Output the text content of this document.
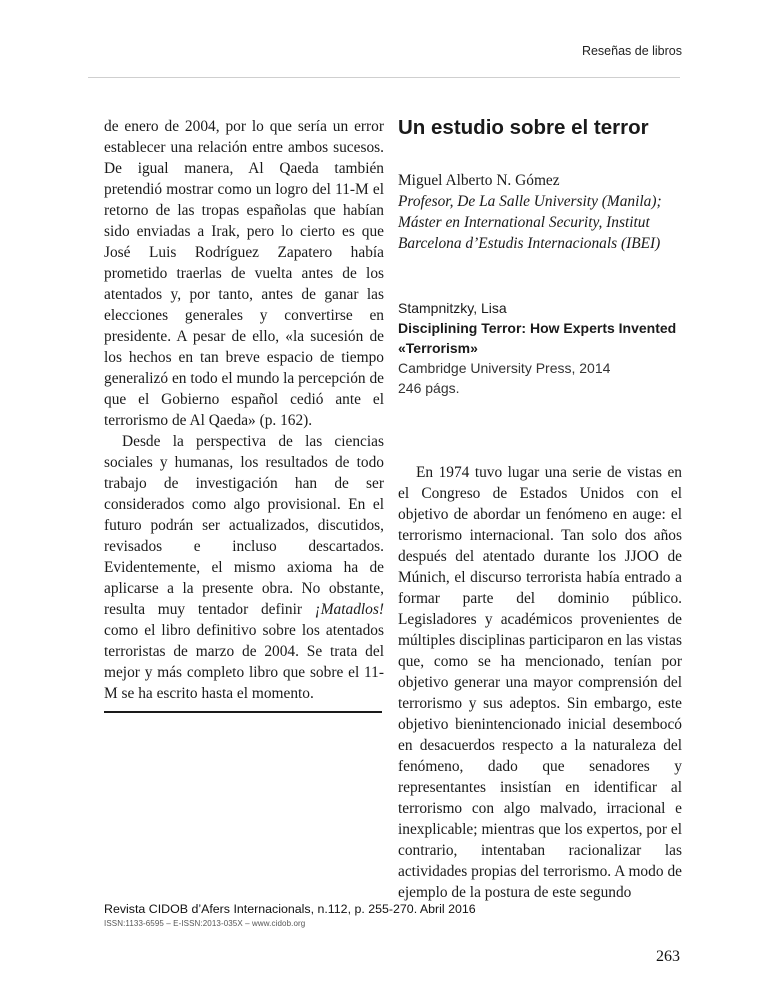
Reseñas de libros

de enero de 2004, por lo que sería un error establecer una relación entre ambos sucesos. De igual manera, Al Qaeda también pretendió mostrar como un logro del 11-M el retorno de las tropas españolas que habían sido enviadas a Irak, pero lo cierto es que José Luis Rodríguez Zapatero había prometido traerlas de vuelta antes de los atentados y, por tanto, antes de ganar las elecciones generales y convertirse en presidente. A pesar de ello, «la sucesión de los hechos en tan breve espacio de tiempo generalizó en todo el mundo la percepción de que el Gobierno español cedió ante el terrorismo de Al Qaeda» (p. 162).

Desde la perspectiva de las ciencias sociales y humanas, los resultados de todo trabajo de investigación han de ser considerados como algo provisional. En el futuro podrán ser actualizados, discutidos, revisados e incluso descartados. Evidentemente, el mismo axioma ha de aplicarse a la presente obra. No obstante, resulta muy tentador definir ¡Matadlos! como el libro definitivo sobre los atentados terroristas de marzo de 2004. Se trata del mejor y más completo libro que sobre el 11-M se ha escrito hasta el momento.

Un estudio sobre el terror
Miguel Alberto N. Gómez
Profesor, De La Salle University (Manila); Máster en International Security, Institut Barcelona d’Estudis Internacionals (IBEI)
Stampnitzky, Lisa
Disciplining Terror: How Experts Invented «Terrorism»
Cambridge University Press, 2014
246 págs.

En 1974 tuvo lugar una serie de vistas en el Congreso de Estados Unidos con el objetivo de abordar un fenómeno en auge: el terrorismo internacional. Tan solo dos años después del atentado durante los JJOO de Múnich, el discurso terrorista había entrado a formar parte del dominio público. Legisladores y académicos provenientes de múltiples disciplinas participaron en las vistas que, como se ha mencionado, tenían por objetivo generar una mayor comprensión del terrorismo y sus adeptos. Sin embargo, este objetivo bienintencionado inicial desembocó en desacuerdos respecto a la naturaleza del fenómeno, dado que senadores y representantes insistían en identificar al terrorismo con algo malvado, irracional e inexplicable; mientras que los expertos, por el contrario, intentaban racionalizar las actividades propias del terrorismo. A modo de ejemplo de la postura de este segundo

Revista CIDOB d’Afers Internacionals, n.112, p. 255-270. Abril 2016
ISSN:1133-6595 – E-ISSN:2013-035X – www.cidob.org
263
